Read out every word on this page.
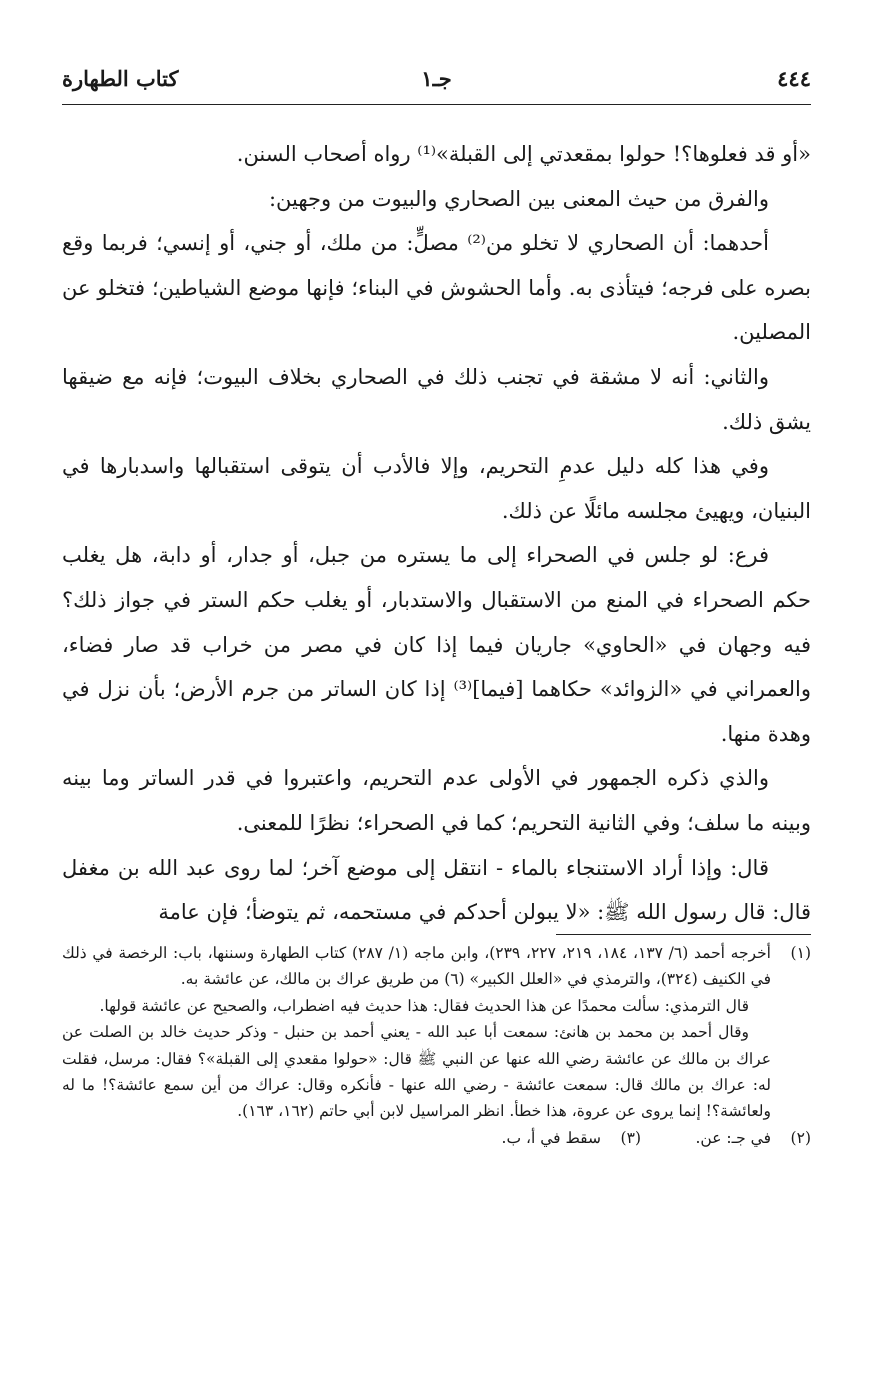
٤٤٤
جـ١
كتاب الطهارة

«أو قد فعلوها؟! حولوا بمقعدتي إلى القبلة»⁽¹⁾ رواه أصحاب السنن.

والفرق من حيث المعنى بين الصحاري والبيوت من وجهين:

أحدهما: أن الصحاري لا تخلو من⁽²⁾ مصلٍّ: من ملك، أو جني، أو إنسي؛ فربما وقع بصره على فرجه؛ فيتأذى به. وأما الحشوش في البناء؛ فإنها موضع الشياطين؛ فتخلو عن المصلين.

والثاني: أنه لا مشقة في تجنب ذلك في الصحاري بخلاف البيوت؛ فإنه مع ضيقها يشق ذلك.

وفي هذا كله دليل عدمِ التحريم، وإلا فالأدب أن يتوقى استقبالها واسدبارها في البنيان، ويهيئ مجلسه مائلًا عن ذلك.

فرع: لو جلس في الصحراء إلى ما يستره من جبل، أو جدار، أو دابة، هل يغلب حكم الصحراء في المنع من الاستقبال والاستدبار، أو يغلب حكم الستر في جواز ذلك؟ فيه وجهان في «الحاوي» جاريان فيما إذا كان في مصر من خراب قد صار فضاء، والعمراني في «الزوائد» حكاهما [فيما]⁽³⁾ إذا كان الساتر من جرم الأرض؛ بأن نزل في وهدة منها.

والذي ذكره الجمهور في الأولى عدم التحريم، واعتبروا في قدر الساتر وما بينه وبينه ما سلف؛ وفي الثانية التحريم؛ كما في الصحراء؛ نظرًا للمعنى.

قال: وإذا أراد الاستنجاء بالماء - انتقل إلى موضع آخر؛ لما روى عبد الله بن مغفل قال: قال رسول الله ﷺ: «لا يبولن أحدكم في مستحمه، ثم يتوضأ؛ فإن عامة

(١)

أخرجه أحمد (٦/ ١٣٧، ١٨٤، ٢١٩، ٢٢٧، ٢٣٩)، وابن ماجه (١/ ٢٨٧) كتاب الطهارة وسننها، باب: الرخصة في ذلك في الكنيف (٣٢٤)، والترمذي في «العلل الكبير» (٦) من طريق عراك بن مالك، عن عائشة به.

قال الترمذي: سألت محمدًا عن هذا الحديث فقال: هذا حديث فيه اضطراب، والصحيح عن عائشة قولها.

وقال أحمد بن محمد بن هانئ: سمعت أبا عبد الله - يعني أحمد بن حنبل - وذكر حديث خالد بن الصلت عن عراك بن مالك عن عائشة رضي الله عنها عن النبي ﷺ قال: «حولوا مقعدي إلى القبلة»؟ فقال: مرسل، فقلت له: عراك بن مالك قال: سمعت عائشة - رضي الله عنها - فأنكره وقال: عراك من أين سمع عائشة؟! ما له ولعائشة؟! إنما يروى عن عروة، هذا خطأ. انظر المراسيل لابن أبي حاتم (١٦٢، ١٦٣).

(٢)
في جـ: عن.
(٣)
سقط في أ، ب.
